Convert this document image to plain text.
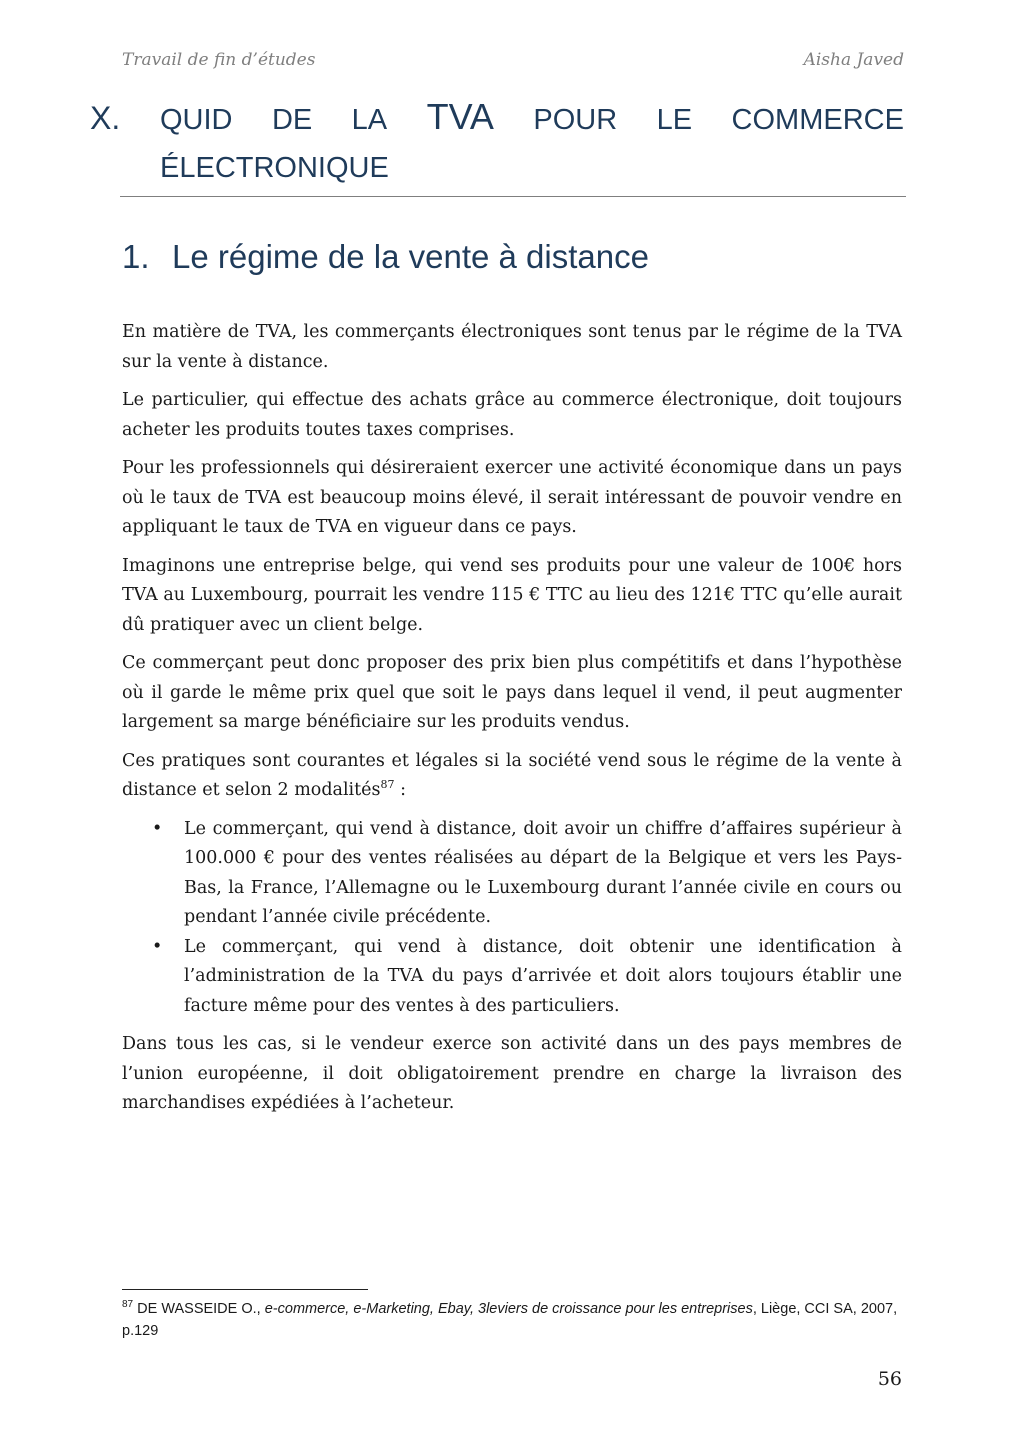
Travail de fin d’études	Aisha Javed
X.	QUID DE LA TVA POUR LE COMMERCE
ÉLECTRONIQUE
1. Le régime de la vente à distance

En matière de TVA, les commerçants électroniques sont tenus par le régime de la TVA sur la vente à distance.

Le particulier, qui effectue des achats grâce au commerce électronique, doit toujours acheter les produits toutes taxes comprises.

Pour les professionnels qui désireraient exercer une activité économique dans un pays où le taux de TVA est beaucoup moins élevé, il serait intéressant de pouvoir vendre en appliquant le taux de TVA en vigueur dans ce pays.

Imaginons une entreprise belge, qui vend ses produits pour une valeur de 100€ hors TVA au Luxembourg, pourrait les vendre 115 € TTC au lieu des 121€ TTC qu’elle aurait dû pratiquer avec un client belge.

Ce commerçant peut donc proposer des prix bien plus compétitifs et dans l’hypothèse où il garde le même prix quel que soit le pays dans lequel il vend, il peut augmenter largement sa marge bénéficiaire sur les produits vendus.

Ces pratiques sont courantes et légales si la société vend sous le régime de la vente à distance et selon 2 modalités$^{87}$ :

• Le commerçant, qui vend à distance, doit avoir un chiffre d’affaires supérieur à 100.000 € pour des ventes réalisées au départ de la Belgique et vers les Pays-Bas, la France, l’Allemagne ou le Luxembourg durant l’année civile en cours ou pendant l’année civile précédente.
• Le commerçant, qui vend à distance, doit obtenir une identification à l’administration de la TVA du pays d’arrivée et doit alors toujours établir une facture même pour des ventes à des particuliers.

Dans tous les cas, si le vendeur exerce son activité dans un des pays membres de l’union européenne, il doit obligatoirement prendre en charge la livraison des marchandises expédiées à l’acheteur.

$^{87}$ DE WASSEIDE O., e-commerce, e-Marketing, Ebay, 3leviers de croissance pour les entreprises, Liège, CCI SA, 2007, p.129
56
